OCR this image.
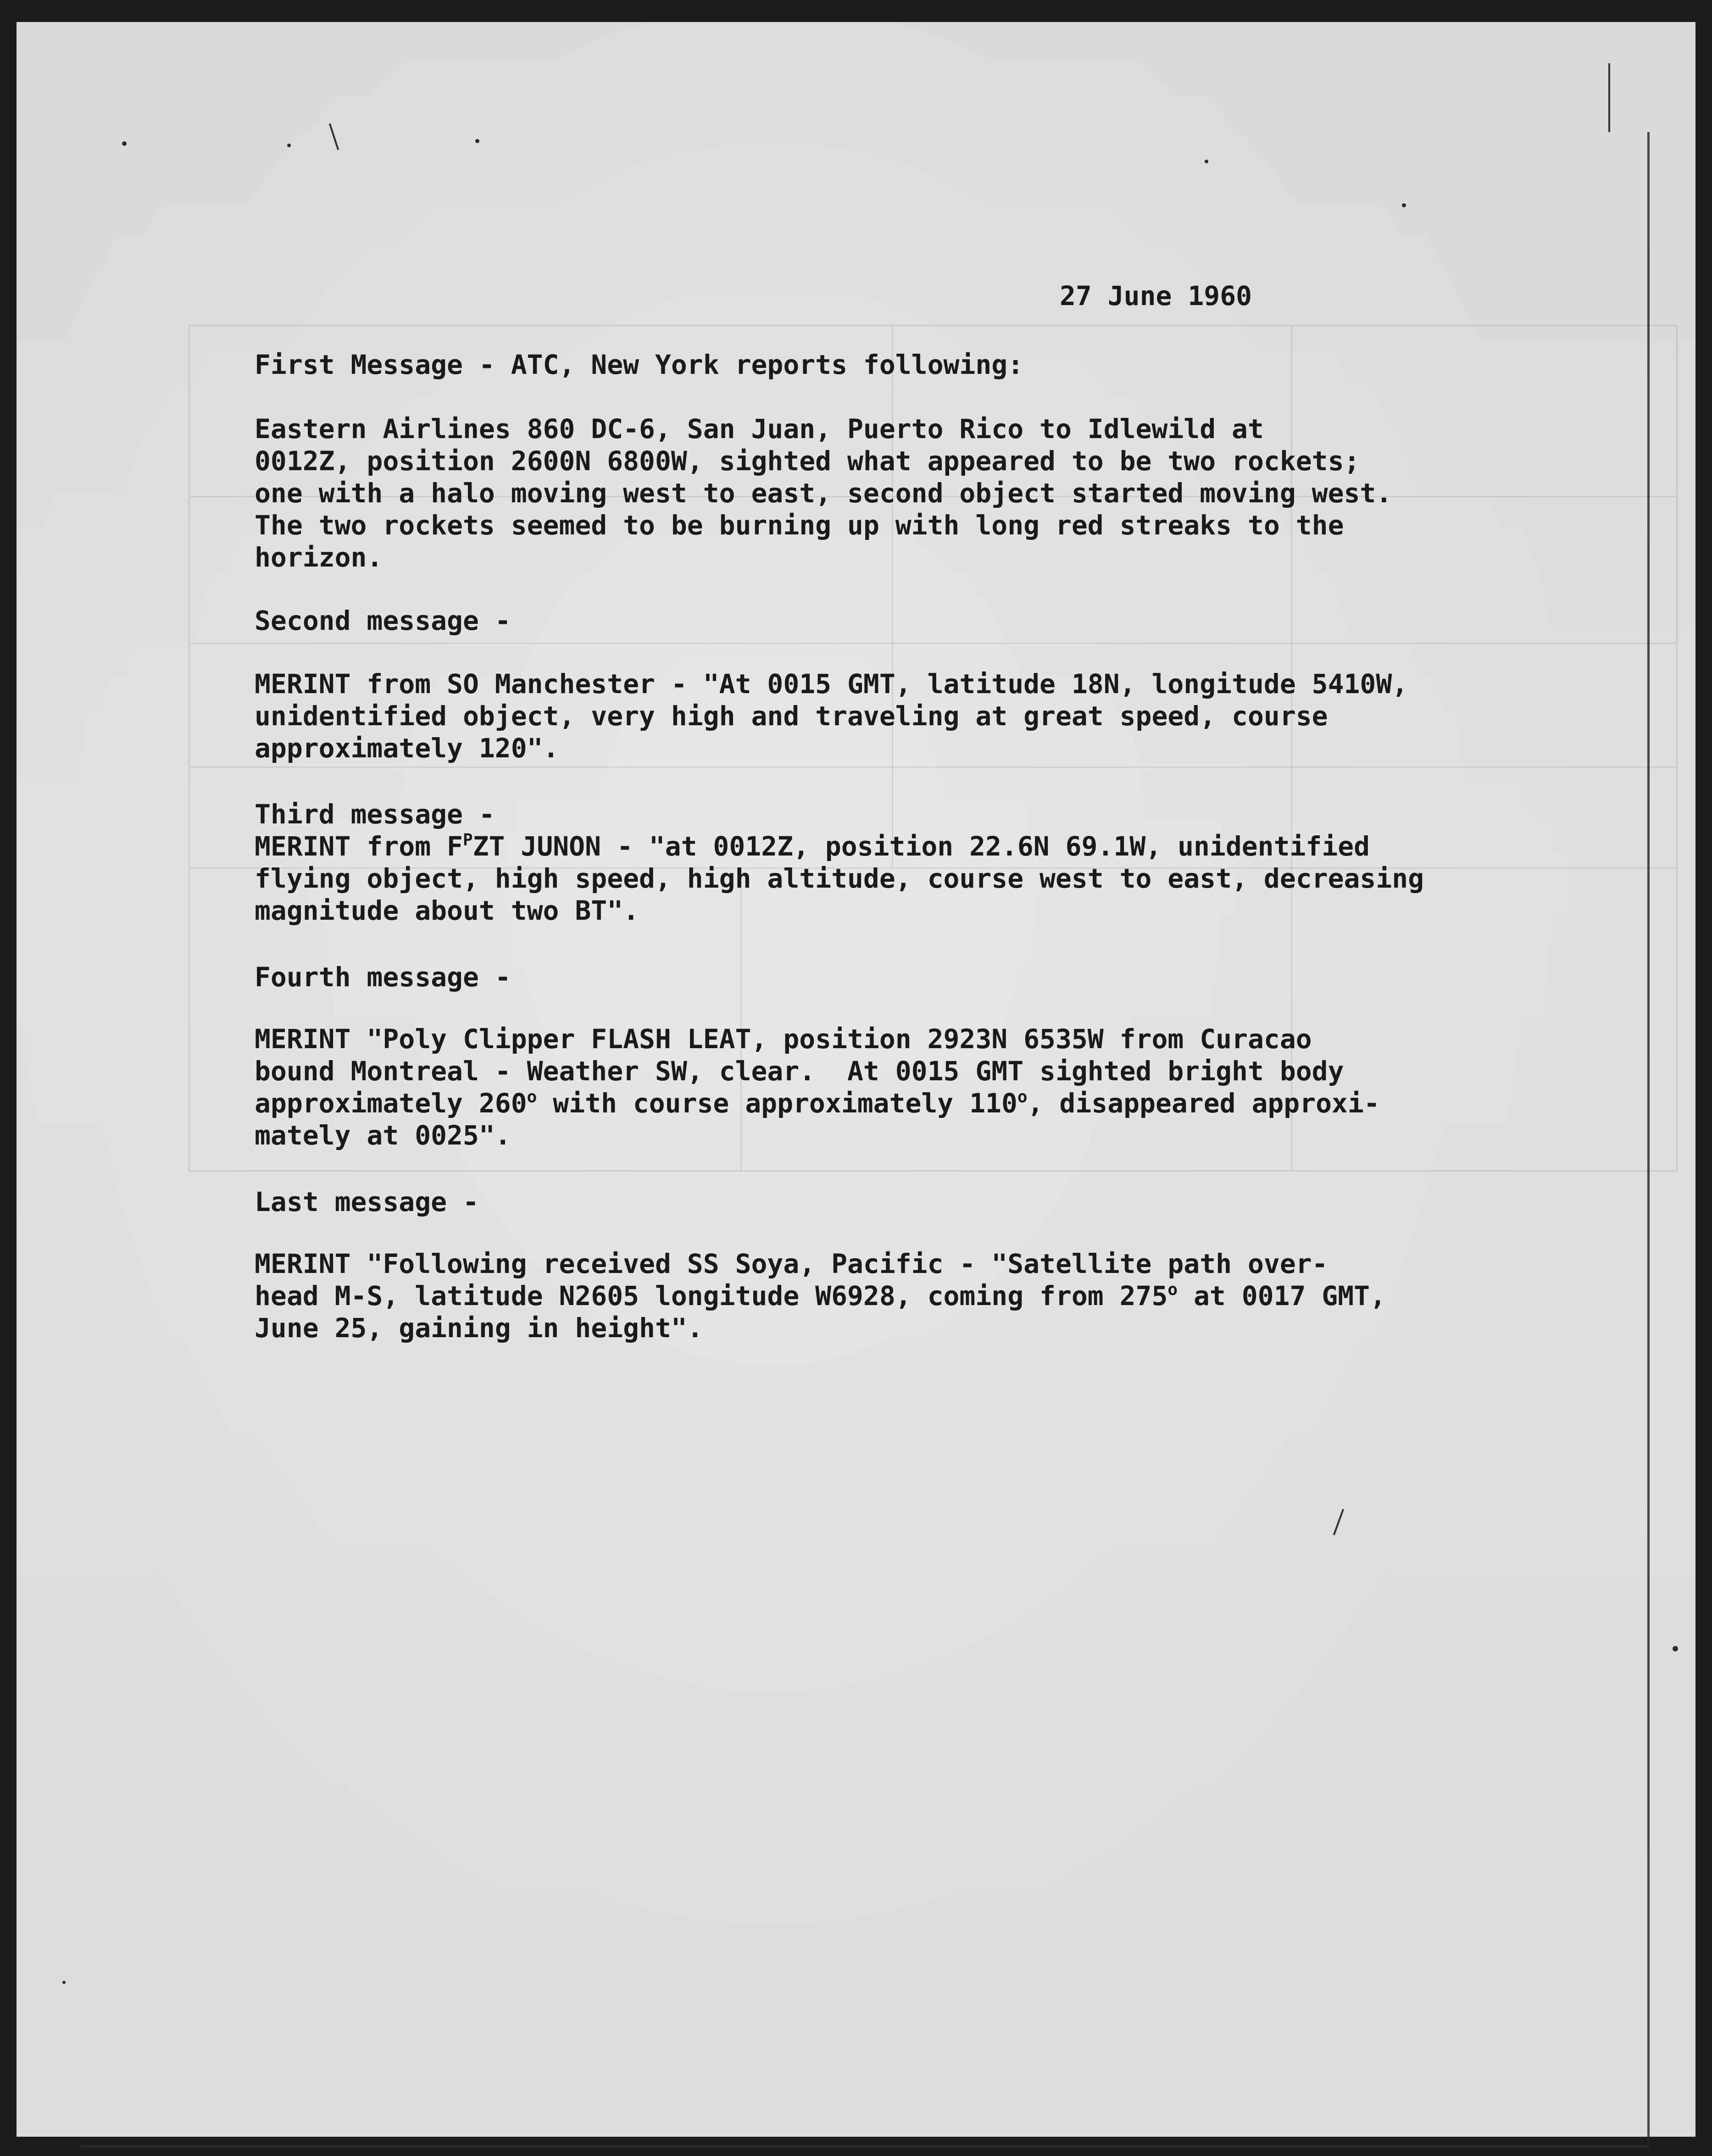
27 June 1960

First Message - ATC, New York reports following:

Eastern Airlines 860 DC-6, San Juan, Puerto Rico to Idlewild at

0012Z, position 2600N 6800W, sighted what appeared to be two rockets;

one with a halo moving west to east, second object started moving west.

The two rockets seemed to be burning up with long red streaks to the

horizon.

Second message -

MERINT from SO Manchester - "At 0015 GMT, latitude 18N, longitude 5410W,

unidentified object, very high and traveling at great speed, course

approximately 120".

Third message -

MERINT from $F^PZT$ JUNON - "at 0012Z, position 22.6N 69.1W, unidentified

flying object, high speed, high altitude, course west to east, decreasing

magnitude about two BT".

Fourth message -

MERINT "Poly Clipper FLASH LEAT, position 2923N 6535W from Curacao

bound Montreal - Weather SW, clear.  At 0015 GMT sighted bright body

approximately 260$^o$ with course approximately 110$^o$, disappeared approxi-

mately at 0025".

Last message -

MERINT "Following received SS Soya, Pacific - "Satellite path over-

head M-S, latitude N2605 longitude W6928, coming from 275$^o$ at 0017 GMT,

June 25, gaining in height".
